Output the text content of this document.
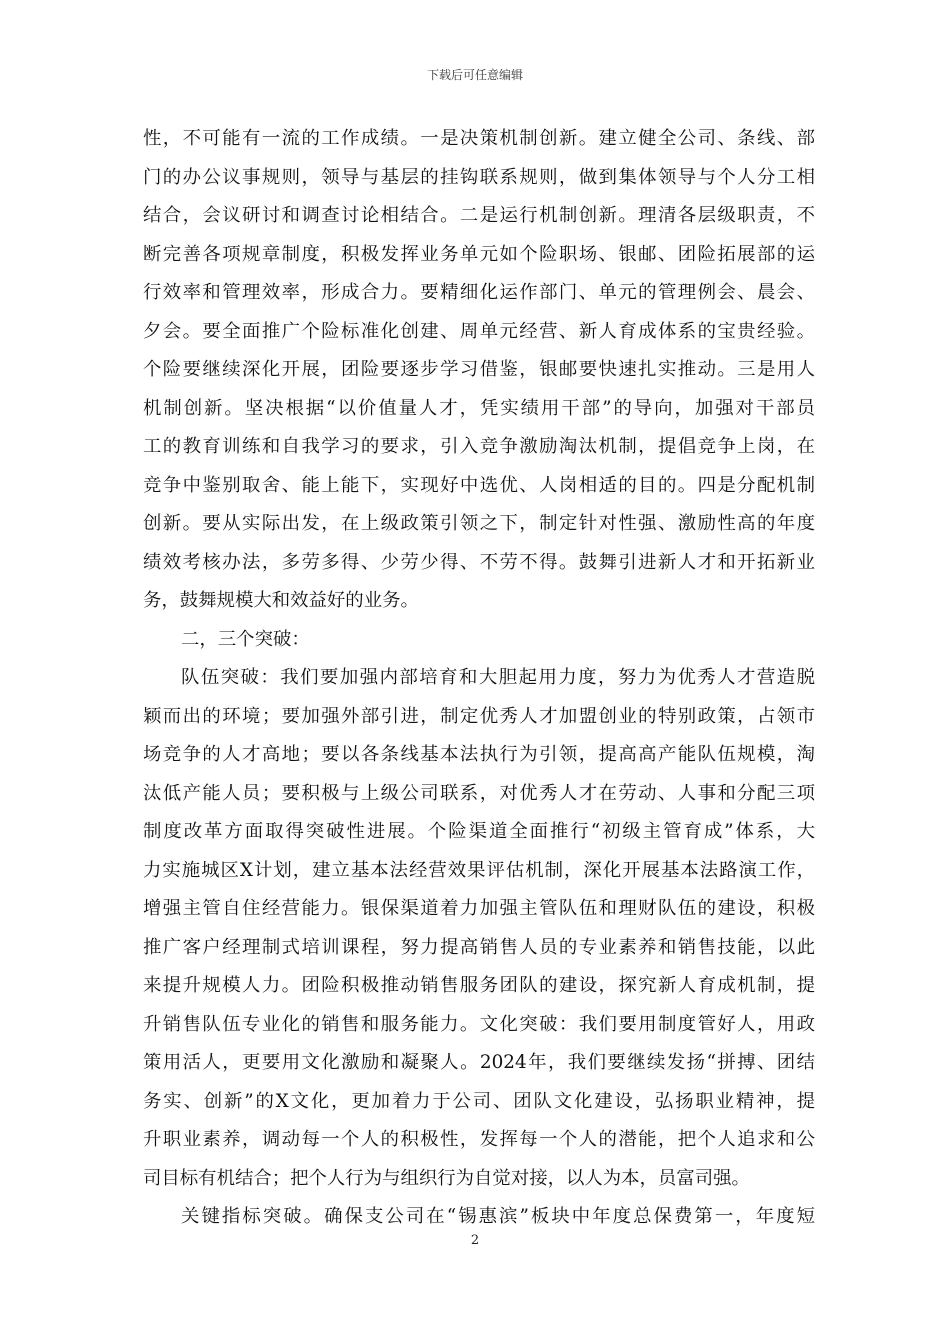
下载后可任意编辑
性，不可能有一流的工作成绩。一是决策机制创新。建立健全公司、条线、部
门的办公议事规则，领导与基层的挂钩联系规则，做到集体领导与个人分工相
结合，会议研讨和调查讨论相结合。二是运行机制创新。理清各层级职责，不
断完善各项规章制度，积极发挥业务单元如个险职场、银邮、团险拓展部的运
行效率和管理效率，形成合力。要精细化运作部门、单元的管理例会、晨会、
夕会。要全面推广个险标准化创建、周单元经营、新人育成体系的宝贵经验。
个险要继续深化开展，团险要逐步学习借鉴，银邮要快速扎实推动。三是用人
机制创新。坚决根据“以价值量人才，凭实绩用干部”的导向，加强对干部员
工的教育训练和自我学习的要求，引入竞争激励淘汰机制，提倡竞争上岗，在
竞争中鉴别取舍、能上能下，实现好中选优、人岗相适的目的。四是分配机制
创新。要从实际出发，在上级政策引领之下，制定针对性强、激励性高的年度
绩效考核办法，多劳多得、少劳少得、不劳不得。鼓舞引进新人才和开拓新业
务，鼓舞规模大和效益好的业务。
二，三个突破：
队伍突破：我们要加强内部培育和大胆起用力度，努力为优秀人才营造脱
颖而出的环境；要加强外部引进，制定优秀人才加盟创业的特别政策，占领市
场竞争的人才高地；要以各条线基本法执行为引领，提高高产能队伍规模，淘
汰低产能人员；要积极与上级公司联系，对优秀人才在劳动、人事和分配三项
制度改革方面取得突破性进展。个险渠道全面推行“初级主管育成”体系，大
力实施城区X计划，建立基本法经营效果评估机制，深化开展基本法路演工作，
增强主管自住经营能力。银保渠道着力加强主管队伍和理财队伍的建设，积极
推广客户经理制式培训课程，努力提高销售人员的专业素养和销售技能，以此
来提升规模人力。团险积极推动销售服务团队的建设，探究新人育成机制，提
升销售队伍专业化的销售和服务能力。文化突破：我们要用制度管好人，用政
策用活人，更要用文化激励和凝聚人。2024年，我们要继续发扬“拼搏、团结
务实、创新”的X文化，更加着力于公司、团队文化建设，弘扬职业精神，提
升职业素养，调动每一个人的积极性，发挥每一个人的潜能，把个人追求和公
司目标有机结合；把个人行为与组织行为自觉对接，以人为本，员富司强。
关键指标突破。确保支公司在“锡惠滨”板块中年度总保费第一，年度短
2
